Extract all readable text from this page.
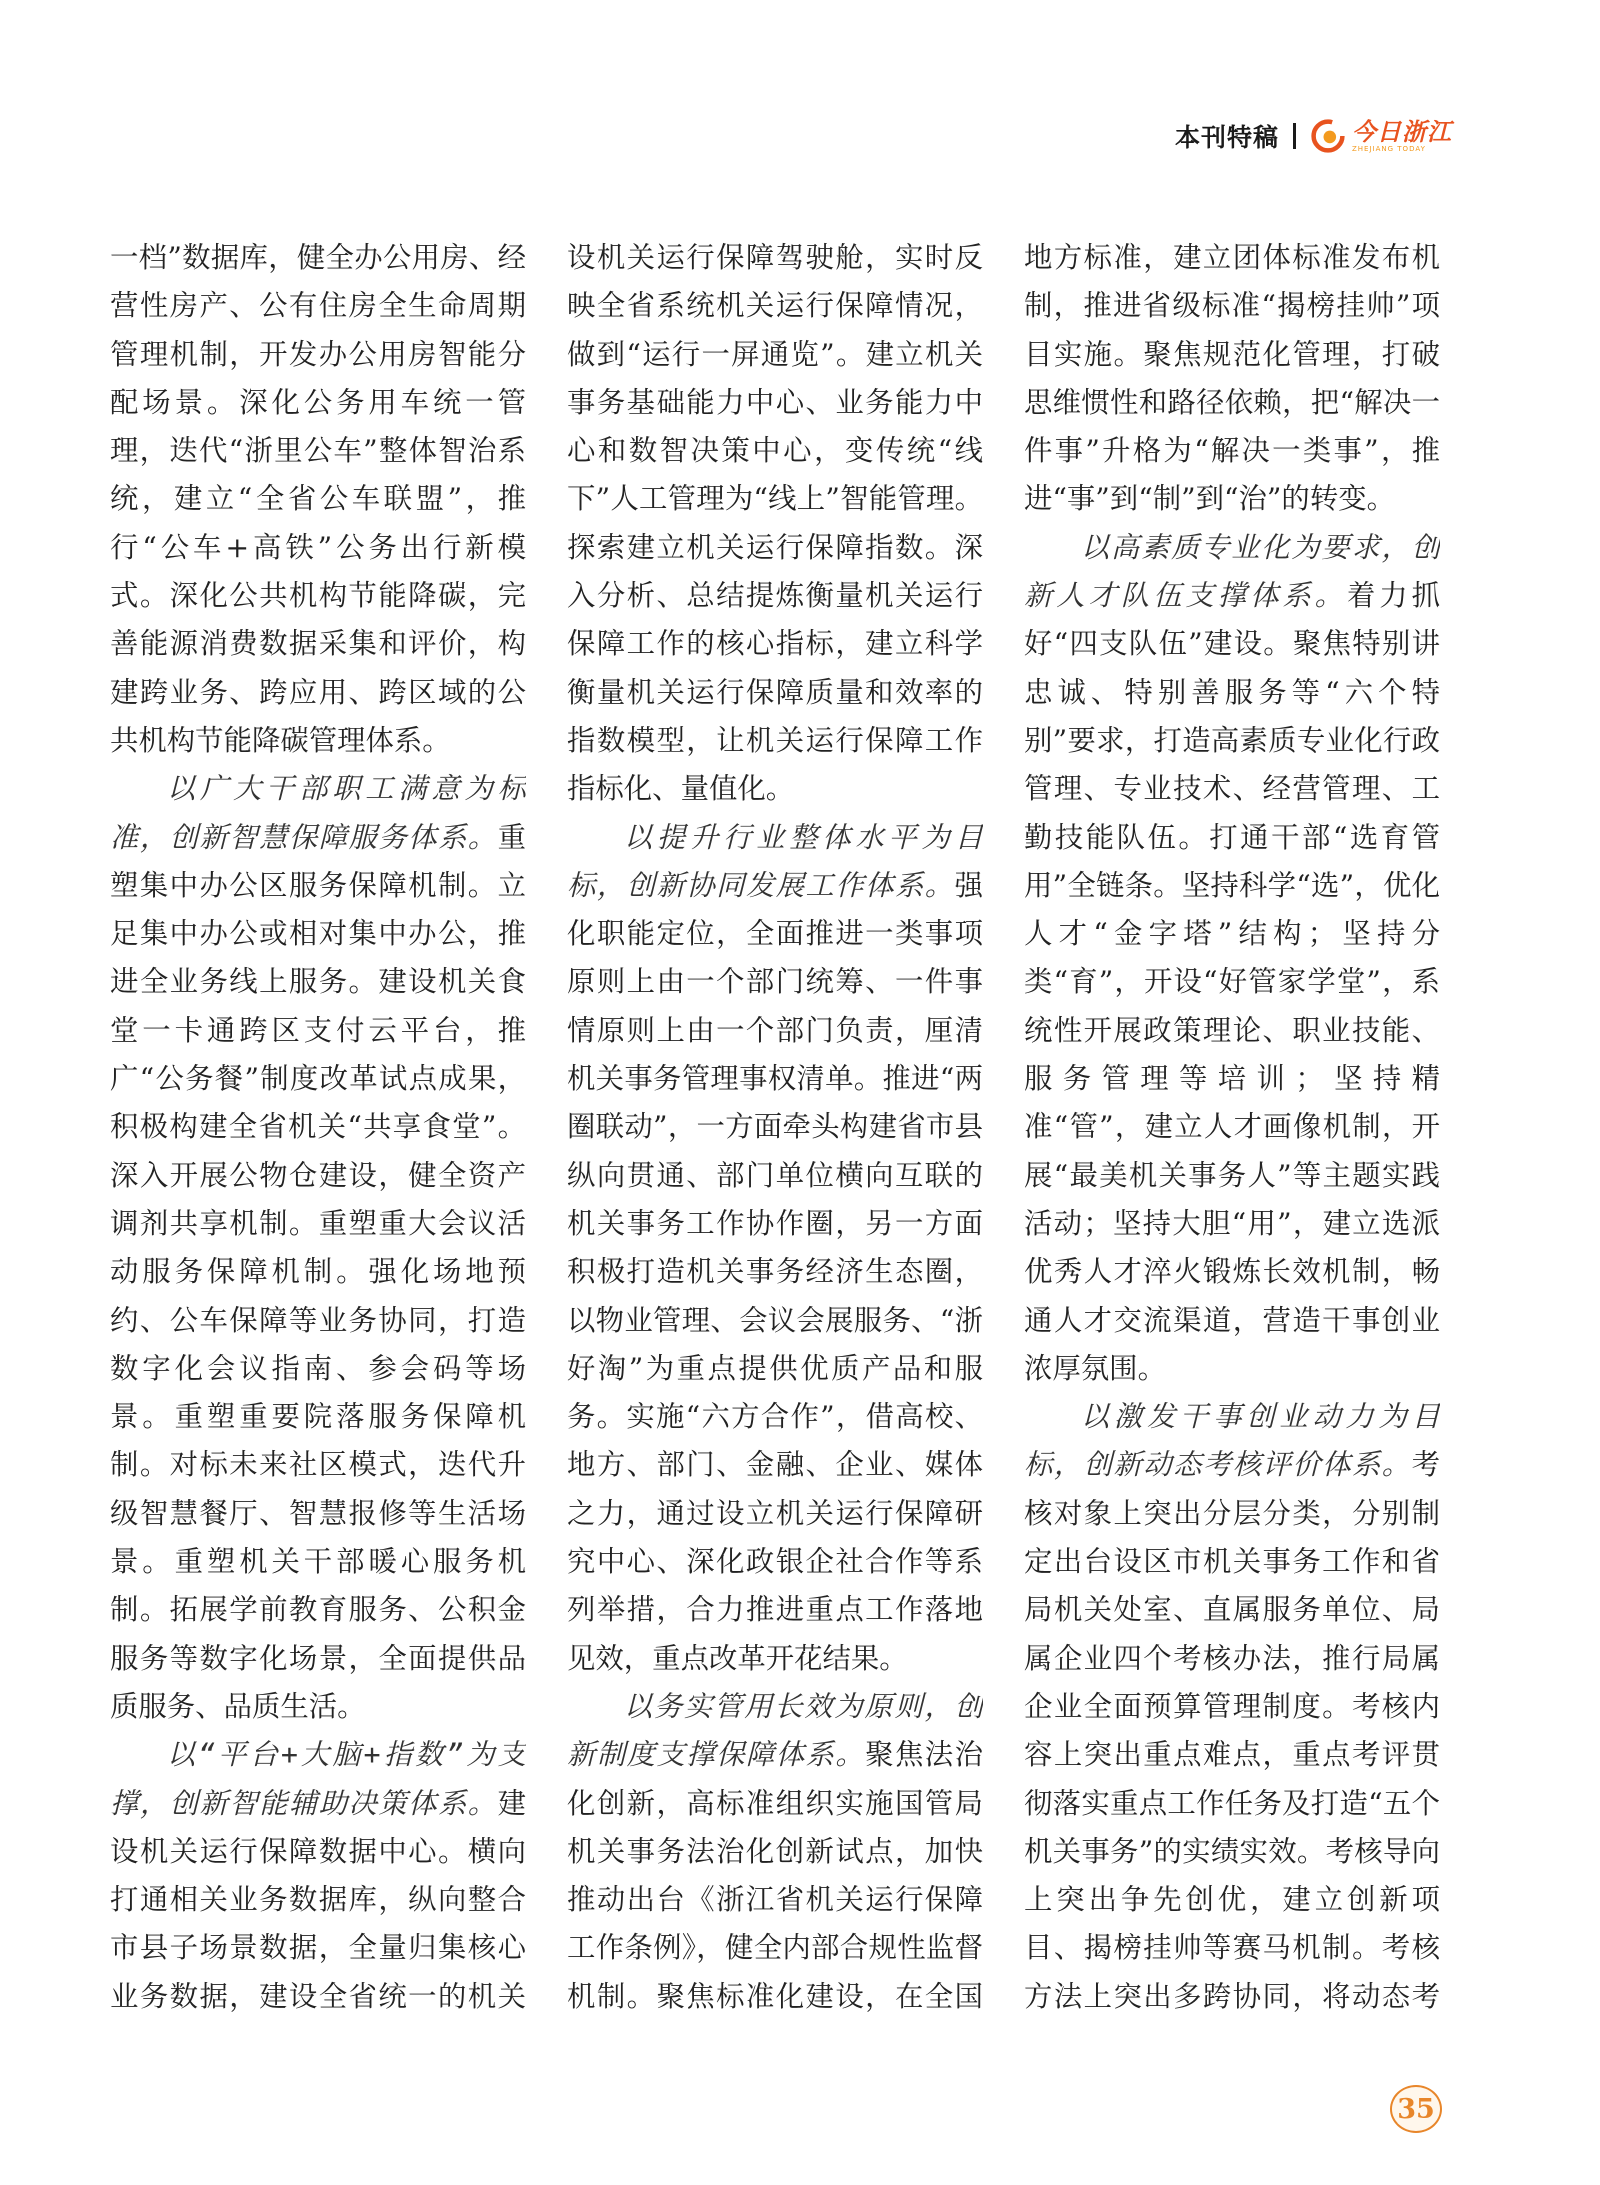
本刊特稿	今日浙江
ZHEJIANG TODAY

一档”数据库，健全办公用房、经营性房产、公有住房全生命周期管理机制，开发办公用房智能分配场景。深化公务用车统一管理，迭代“浙里公车”整体智治系统，建立“全省公车联盟”，推行“公车+高铁”公务出行新模式。深化公共机构节能降碳，完善能源消费数据采集和评价，构建跨业务、跨应用、跨区域的公共机构节能降碳管理体系。

以广大干部职工满意为标准，创新智慧保障服务体系。重塑集中办公区服务保障机制。立足集中办公或相对集中办公，推进全业务线上服务。建设机关食堂一卡通跨区支付云平台，推广“公务餐”制度改革试点成果，积极构建全省机关“共享食堂”。深入开展公物仓建设，健全资产调剂共享机制。重塑重大会议活动服务保障机制。强化场地预约、公车保障等业务协同，打造数字化会议指南、参会码等场景。重塑重要院落服务保障机制。对标未来社区模式，迭代升级智慧餐厅、智慧报修等生活场景。重塑机关干部暖心服务机制。拓展学前教育服务、公积金服务等数字化场景，全面提供品质服务、品质生活。

以“平台+大脑+指数”为支撑，创新智能辅助决策体系。建设机关运行保障数据中心。横向打通相关业务数据库，纵向整合市县子场景数据，全量归集核心业务数据，建设全省统一的机关

设机关运行保障驾驶舱，实时反映全省系统机关运行保障情况，做到“运行一屏通览”。建立机关事务基础能力中心、业务能力中心和数智决策中心，变传统“线下”人工管理为“线上”智能管理。探索建立机关运行保障指数。深入分析、总结提炼衡量机关运行保障工作的核心指标，建立科学衡量机关运行保障质量和效率的指数模型，让机关运行保障工作指标化、量值化。

以提升行业整体水平为目标，创新协同发展工作体系。强化职能定位，全面推进一类事项原则上由一个部门统筹、一件事情原则上由一个部门负责，厘清机关事务管理事权清单。推进“两圈联动”，一方面牵头构建省市县纵向贯通、部门单位横向互联的机关事务工作协作圈，另一方面积极打造机关事务经济生态圈，以物业管理、会议会展服务、“浙好淘”为重点提供优质产品和服务。实施“六方合作”，借高校、地方、部门、金融、企业、媒体之力，通过设立机关运行保障研究中心、深化政银企社合作等系列举措，合力推进重点工作落地见效，重点改革开花结果。

以务实管用长效为原则，创新制度支撑保障体系。聚焦法治化创新，高标准组织实施国管局机关事务法治化创新试点，加快推动出台《浙江省机关运行保障工作条例》，健全内部合规性监督机制。聚焦标准化建设，在全国

地方标准，建立团体标准发布机制，推进省级标准“揭榜挂帅”项目实施。聚焦规范化管理，打破思维惯性和路径依赖，把“解决一件事”升格为“解决一类事”，推进“事”到“制”到“治”的转变。

以高素质专业化为要求，创新人才队伍支撑体系。着力抓好“四支队伍”建设。聚焦特别讲忠诚、特别善服务等“六个特别”要求，打造高素质专业化行政管理、专业技术、经营管理、工勤技能队伍。打通干部“选育管用”全链条。坚持科学“选”，优化人才“金字塔”结构；坚持分类“育”，开设“好管家学堂”，系统性开展政策理论、职业技能、服务管理等培训；坚持精准“管”，建立人才画像机制，开展“最美机关事务人”等主题实践活动；坚持大胆“用”，建立选派优秀人才淬火锻炼长效机制，畅通人才交流渠道，营造干事创业浓厚氛围。

以激发干事创业动力为目标，创新动态考核评价体系。考核对象上突出分层分类，分别制定出台设区市机关事务工作和省局机关处室、直属服务单位、局属企业四个考核办法，推行局属企业全面预算管理制度。考核内容上突出重点难点，重点考评贯彻落实重点工作任务及打造“五个机关事务”的实绩实效。考核导向上突出争先创优，建立创新项目、揭榜挂帅等赛马机制。考核方法上突出多跨协同，将动态考

35
